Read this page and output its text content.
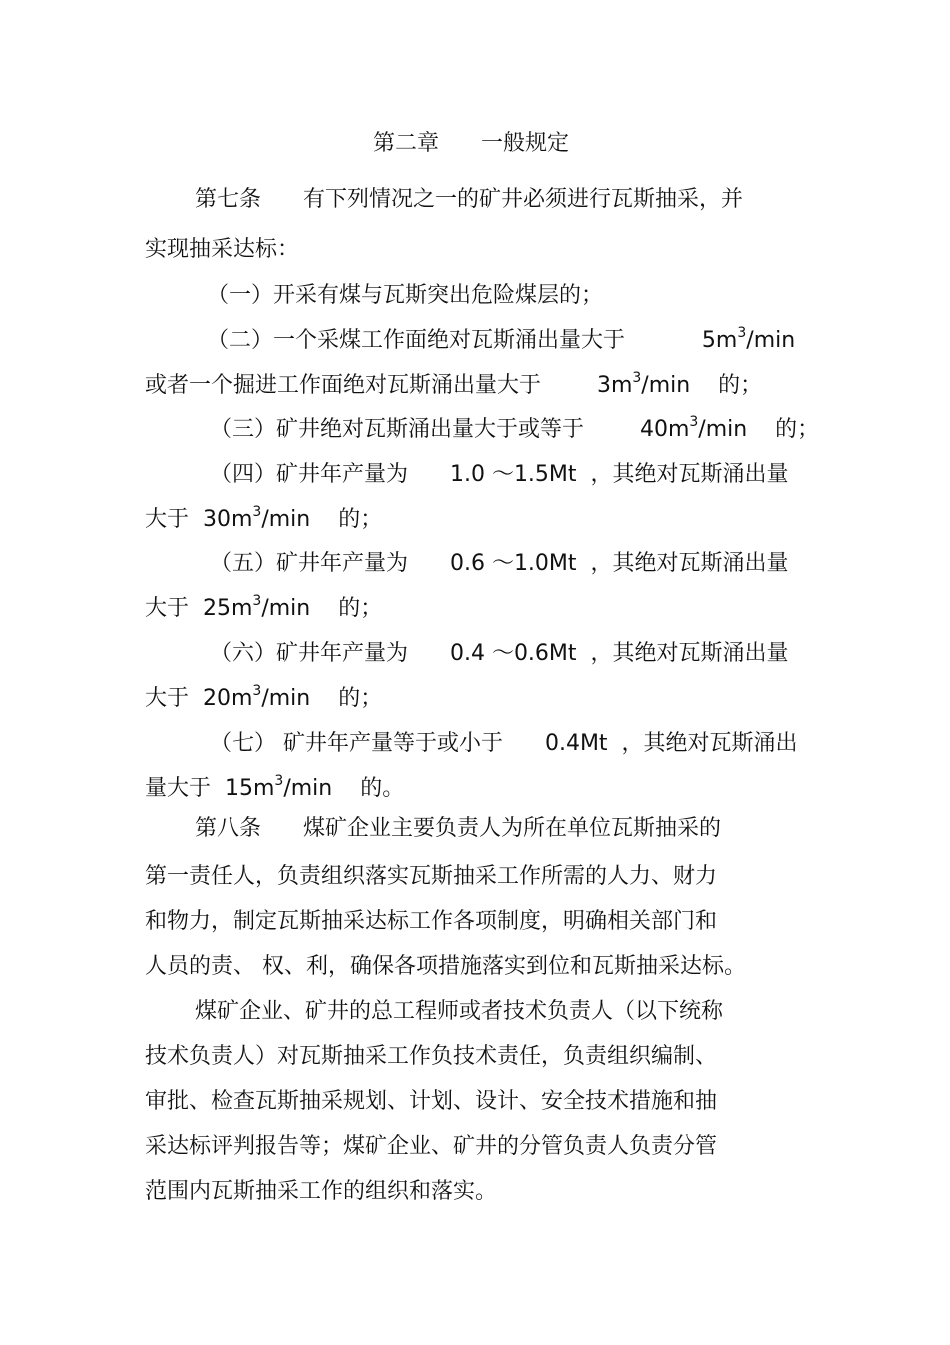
第二章      一般规定
第七条      有下列情况之一的矿井必须进行瓦斯抽采，并
实现抽采达标：
（一）开采有煤与瓦斯突出危险煤层的；
（二）一个采煤工作面绝对瓦斯涌出量大于           $5m^3/\min$
或者一个掘进工作面绝对瓦斯涌出量大于        $3m^3/\min$    的；
（三）矿井绝对瓦斯涌出量大于或等于        $40m^3/\min$    的；
（四）矿井年产量为      1.0 ～1.5Mt  ，其绝对瓦斯涌出量
大于  $30m^3/\min$    的；
（五）矿井年产量为      0.6 ～1.0Mt  ，其绝对瓦斯涌出量
大于  $25m^3/\min$    的；
（六）矿井年产量为      0.4 ～0.6Mt  ，其绝对瓦斯涌出量
大于  $20m^3/\min$    的；
（七） 矿井年产量等于或小于      0.4Mt  ，其绝对瓦斯涌出
量大于  $15m^3/\min$    的。
第八条      煤矿企业主要负责人为所在单位瓦斯抽采的
第一责任人，负责组织落实瓦斯抽采工作所需的人力、财力
和物力，制定瓦斯抽采达标工作各项制度，明确相关部门和
人员的责、 权、利，确保各项措施落实到位和瓦斯抽采达标。
煤矿企业、矿井的总工程师或者技术负责人（以下统称
技术负责人）对瓦斯抽采工作负技术责任，负责组织编制、
审批、检查瓦斯抽采规划、计划、设计、安全技术措施和抽
采达标评判报告等；煤矿企业、矿井的分管负责人负责分管
范围内瓦斯抽采工作的组织和落实。
